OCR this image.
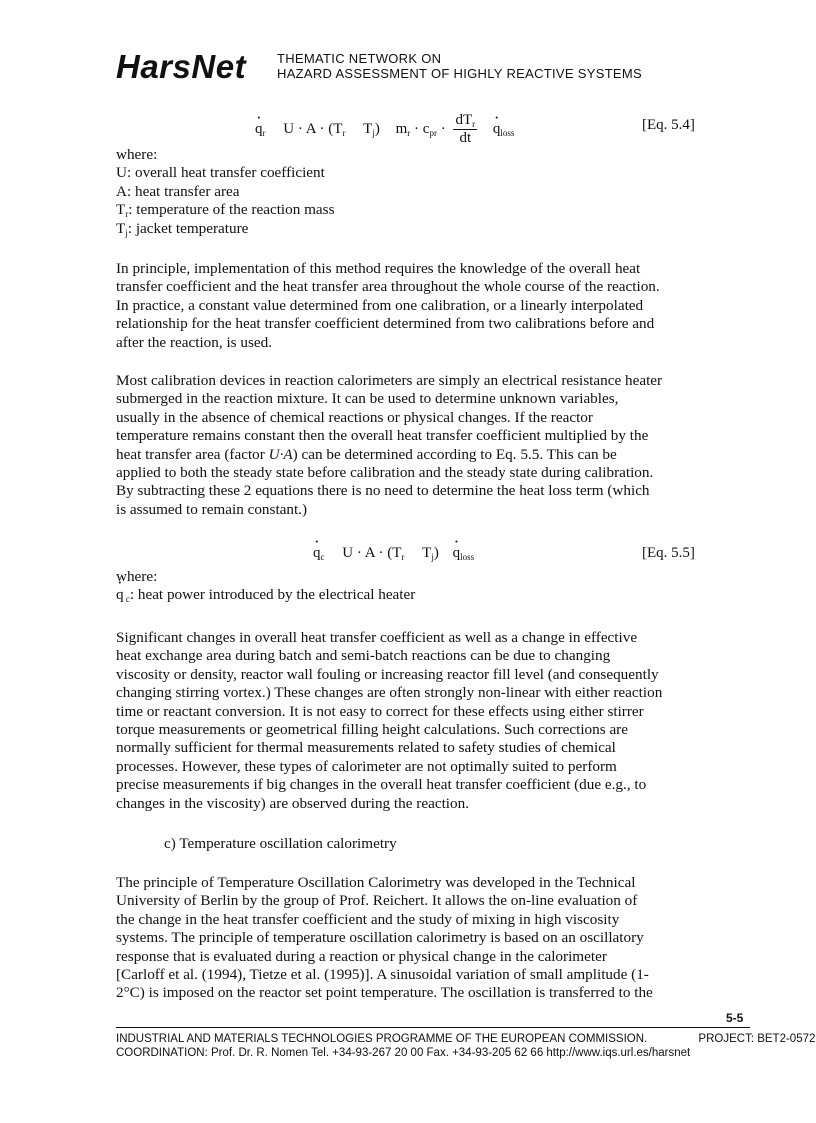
HarsNet THEMATIC NETWORK ON
HAZARD ASSESSMENT OF HIGHLY REACTIVE SYSTEMS
· $q_r$ $U \cdot A \cdot (T_r$ $T_j$) $m_r \cdot c_{pr} \cdot \frac{dT_r}{dt}$
· $q_{loss}$	[Eq. 5.4]
where:
U: overall heat transfer coefficient
A: heat transfer area
$T_r$: temperature of the reaction mass
$T_j$: jacket temperature
In principle, implementation of this method requires the knowledge of the overall heat
transfer coefficient and the heat transfer area throughout the whole course of the reaction.
In practice, a constant value determined from one calibration, or a linearly interpolated
relationship for the heat transfer coefficient determined from two calibrations before and
after the reaction, is used.
Most calibration devices in reaction calorimeters are simply an electrical resistance heater
submerged in the reaction mixture. It can be used to determine unknown variables,
usually in the absence of chemical reactions or physical changes. If the reactor
temperature remains constant then the overall heat transfer coefficient multiplied by the
heat transfer area (factor U·A) can be determined according to Eq. 5.5. This can be
applied to both the steady state before calibration and the steady state during calibration.
By subtracting these 2 equations there is no need to determine the heat loss term (which
is assumed to remain constant.)
· $q_c$ $U \cdot A \cdot (T_r$ $T_j) \cdot q_{loss}$	[Eq. 5.5]
where:
· q $_c$: heat power introduced by the electrical heater
Significant changes in overall heat transfer coefficient as well as a change in effective
heat exchange area during batch and semi-batch reactions can be due to changing
viscosity or density, reactor wall fouling or increasing reactor fill level (and consequently
changing stirring vortex.) These changes are often strongly non-linear with either reaction
time or reactant conversion. It is not easy to correct for these effects using either stirrer
torque measurements or geometrical filling height calculations. Such corrections are
normally sufficient for thermal measurements related to safety studies of chemical
processes. However, these types of calorimeter are not optimally suited to perform
precise measurements if big changes in the overall heat transfer coefficient (due e.g., to
changes in the viscosity) are observed during the reaction.
c) Temperature oscillation calorimetry
The principle of Temperature Oscillation Calorimetry was developed in the Technical
University of Berlin by the group of Prof. Reichert. It allows the on-line evaluation of
the change in the heat transfer coefficient and the study of mixing in high viscosity
systems. The principle of temperature oscillation calorimetry is based on an oscillatory
response that is evaluated during a reaction or physical change in the calorimeter
[Carloff et al. (1994), Tietze et al. (1995)]. A sinusoidal variation of small amplitude (1-
2°C) is imposed on the reactor set point temperature. The oscillation is transferred to the
5-5
INDUSTRIAL AND MATERIALS TECHNOLOGIES PROGRAMME OF THE EUROPEAN COMMISSION.	PROJECT: BET2-0572
COORDINATION: Prof. Dr. R. Nomen Tel. +34-93-267 20 00 Fax. +34-93-205 62 66 http://www.iqs.url.es/harsnet
